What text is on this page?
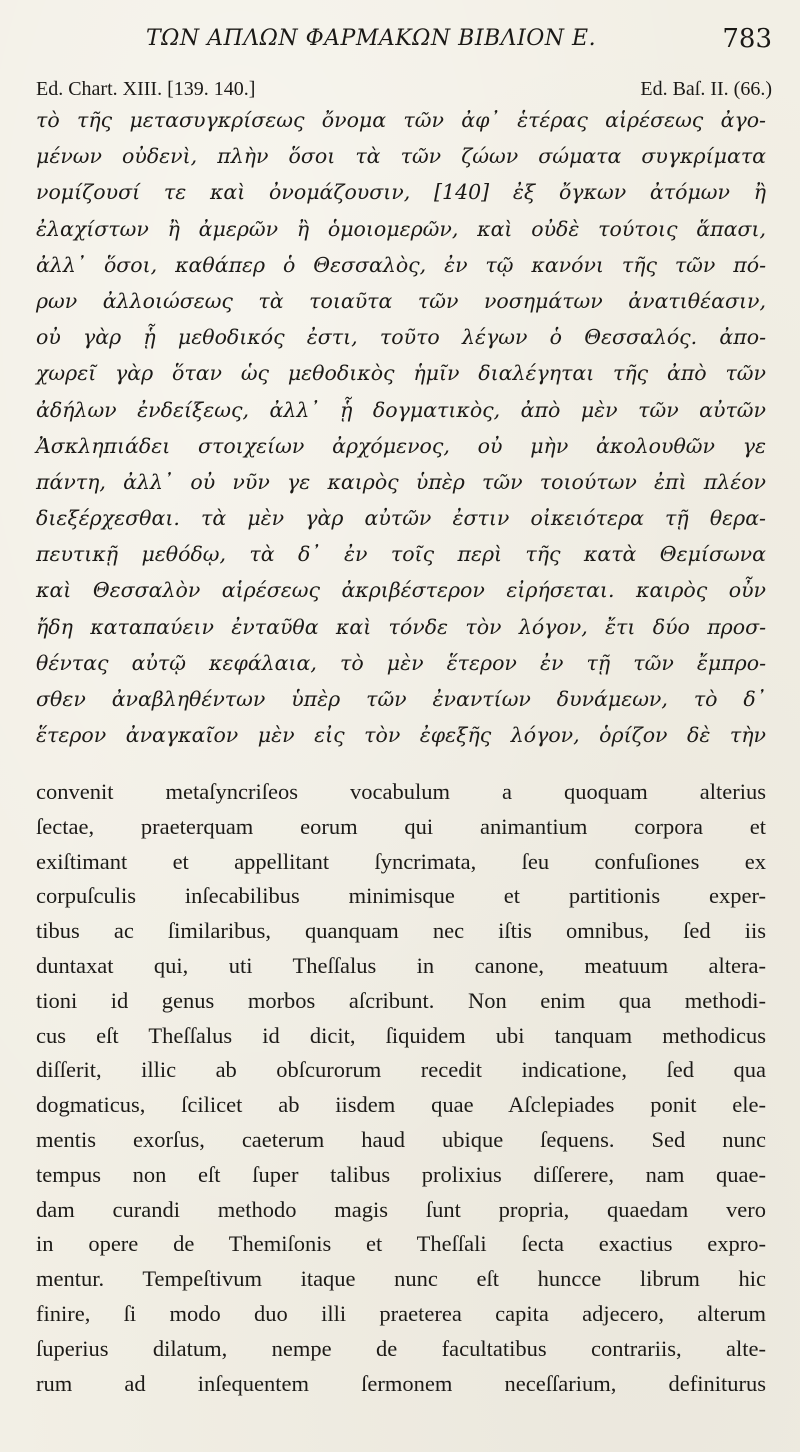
ΤΩΝ ΑΠΛΩΝ ΦΑΡΜΑΚΩΝ ΒΙΒΛΙΟΝ Ε.	783
Ed. Chart. XIII. [139. 140.]	Ed. Baſ. II. (66.)
τὸ τῆς μετασυγκρίσεως ὄνομα τῶν ἀφ᾽ ἑτέρας αἱρέσεως ἀγο-
μένων οὐδενὶ, πλὴν ὅσοι τὰ τῶν ζώων σώματα συγκρίματα
νομίζουσί τε καὶ ὀνομάζουσιν, [140] ἐξ ὄγκων ἀτόμων ἢ
ἐλαχίστων ἢ ἀμερῶν ἢ ὁμοιομερῶν, καὶ οὐδὲ τούτοις ἅπασι,
ἀλλ᾽ ὅσοι, καθάπερ ὁ Θεσσαλὸς, ἐν τῷ κανόνι τῆς τῶν πό-
ρων ἀλλοιώσεως τὰ τοιαῦτα τῶν νοσημάτων ἀνατιθέασιν,
οὐ γὰρ ᾗ μεθοδικός ἐστι, τοῦτο λέγων ὁ Θεσσαλός. ἀπο-
χωρεῖ γὰρ ὅταν ὡς μεθοδικὸς ἡμῖν διαλέγηται τῆς ἀπὸ τῶν
ἀδήλων ἐνδείξεως, ἀλλ᾽ ᾗ δογματικὸς, ἀπὸ μὲν τῶν αὐτῶν
Ἀσκληπιάδει στοιχείων ἀρχόμενος, οὐ μὴν ἀκολουθῶν γε
πάντη, ἀλλ᾽ οὐ νῦν γε καιρὸς ὑπὲρ τῶν τοιούτων ἐπὶ πλέον
διεξέρχεσθαι. τὰ μὲν γὰρ αὐτῶν ἐστιν οἰκειότερα τῇ θερα-
πευτικῇ μεθόδῳ, τὰ δ᾽ ἐν τοῖς περὶ τῆς κατὰ Θεμίσωνα
καὶ Θεσσαλὸν αἱρέσεως ἀκριβέστερον εἰρήσεται. καιρὸς οὖν
ἤδη καταπαύειν ἐνταῦθα καὶ τόνδε τὸν λόγον, ἔτι δύο προσ-
θέντας αὐτῷ κεφάλαια, τὸ μὲν ἕτερον ἐν τῇ τῶν ἔμπρο-
σθεν ἀναβληθέντων ὑπὲρ τῶν ἐναντίων δυνάμεων, τὸ δ᾽
ἕτερον ἀναγκαῖον μὲν εἰς τὸν ἐφεξῆς λόγον, ὁρίζον δὲ τὴν
convenit metaſyncriſeos vocabulum a quoquam alterius
ſectae, praeterquam eorum qui animantium corpora et
exiſtimant et appellitant ſyncrimata, ſeu confuſiones ex
corpuſculis inſecabilibus minimisque et partitionis exper-
tibus ac ſimilaribus, quanquam nec iſtis omnibus, ſed iis
duntaxat qui, uti Theſſalus in canone, meatuum altera-
tioni id genus morbos aſcribunt. Non enim qua methodi-
cus eſt Theſſalus id dicit, ſiquidem ubi tanquam methodicus
diſſerit, illic ab obſcurorum recedit indicatione, ſed qua
dogmaticus, ſcilicet ab iisdem quae Aſclepiades ponit ele-
mentis exorſus, caeterum haud ubique ſequens. Sed nunc
tempus non eſt ſuper talibus prolixius diſſerere, nam quae-
dam curandi methodo magis ſunt propria, quaedam vero
in opere de Themiſonis et Theſſali ſecta exactius expro-
mentur. Tempeſtivum itaque nunc eſt hunccе librum hic
finire, ſi modo duo illi praeterea capita adjecero, alterum
ſuperius dilatum, nempe de facultatibus contrariis, alte-
rum ad inſequentem ſermonem neceſſarium, definiturus
